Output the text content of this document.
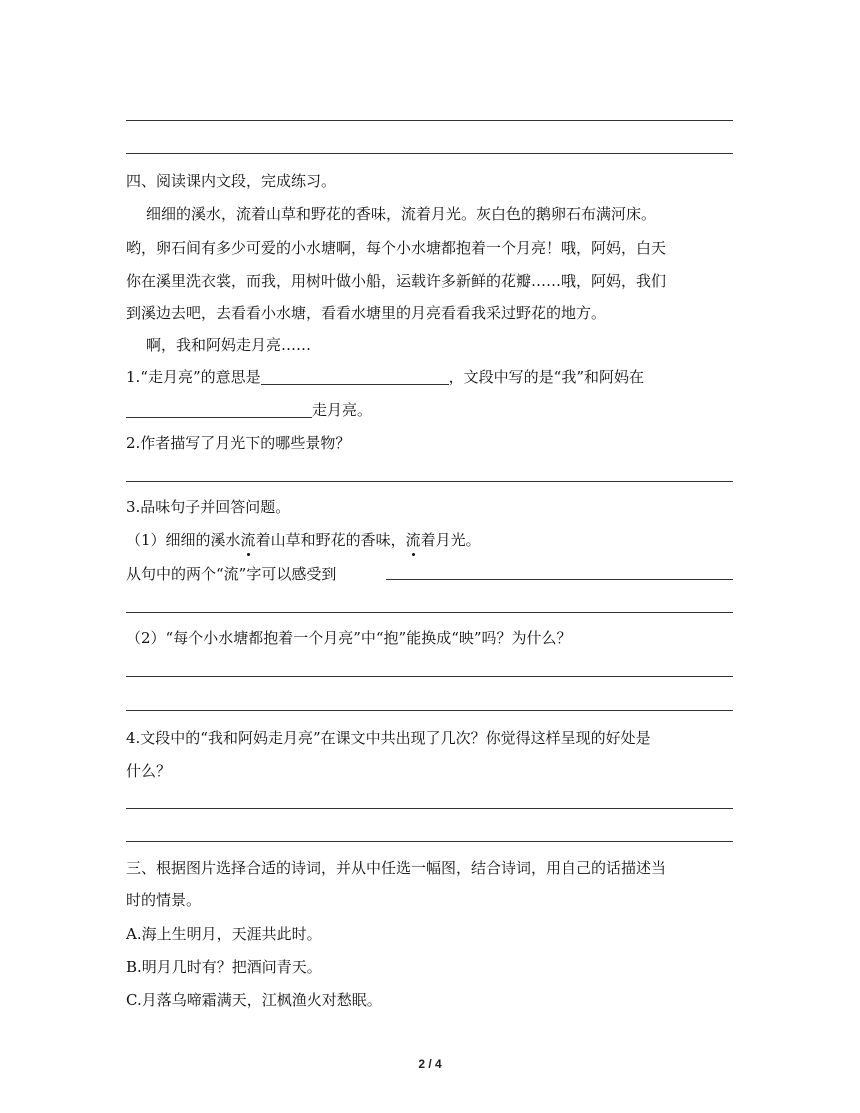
四、阅读课内文段，完成练习。
细细的溪水，流着山草和野花的香味，流着月光。灰白色的鹅卵石布满河床。
哟，卵石间有多少可爱的小水塘啊，每个小水塘都抱着一个月亮！哦，阿妈，白天
你在溪里洗衣裳，而我，用树叶做小船，运载许多新鲜的花瓣……哦，阿妈，我们
到溪边去吧，去看看小水塘，看看水塘里的月亮看看我采过野花的地方。
啊，我和阿妈走月亮……
1.“走月亮”的意思是	，文段中写的是“我”和阿妈在
走月亮。
2.作者描写了月光下的哪些景物？
3.品味句子并回答问题。
（1）细细的溪水流着山草和野花的香味，流着月光。
从句中的两个“流”字可以感受到
（2）“每个小水塘都抱着一个月亮”中“抱”能换成“映”吗？为什么？
4.文段中的“我和阿妈走月亮”在课文中共出现了几次？你觉得这样呈现的好处是
什么？
三、根据图片选择合适的诗词，并从中任选一幅图，结合诗词，用自己的话描述当
时的情景。
A.海上生明月，天涯共此时。
B.明月几时有？把酒问青天。
C.月落乌啼霜满天，江枫渔火对愁眠。
2 / 4
